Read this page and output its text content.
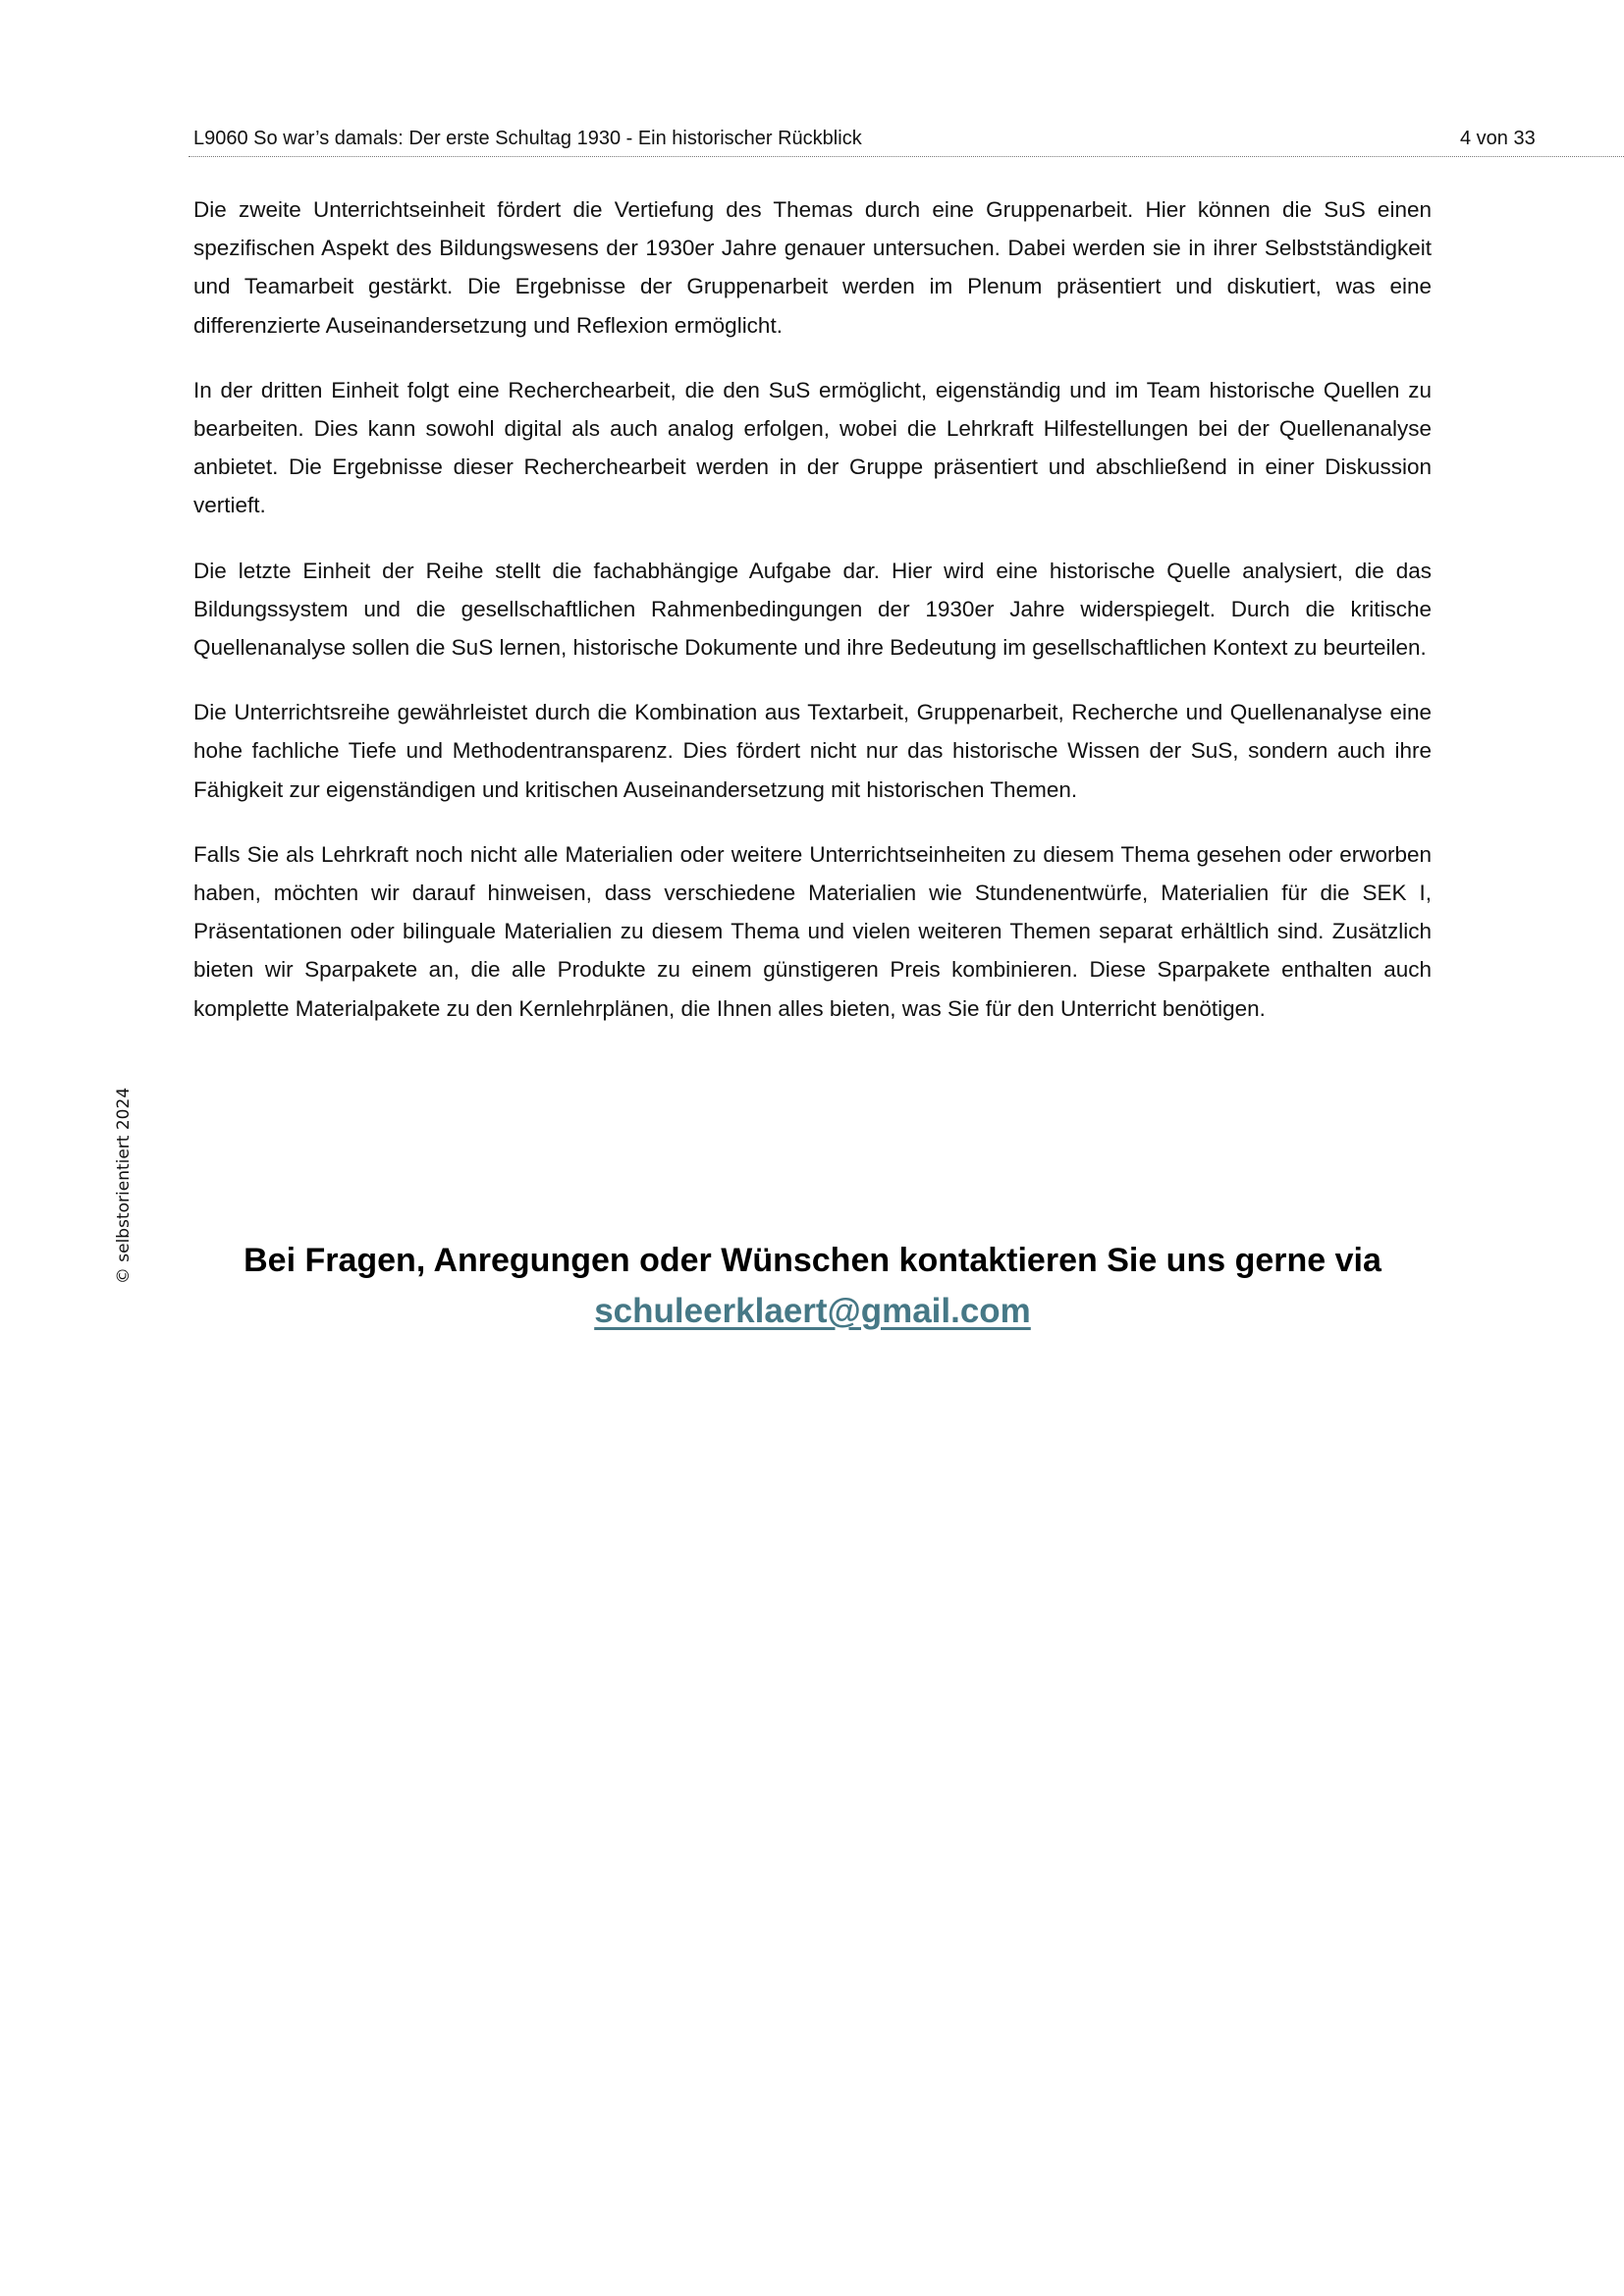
L9060 So war’s damals: Der erste Schultag 1930 - Ein historischer Rückblick	4 von 33

Die zweite Unterrichtseinheit fördert die Vertiefung des Themas durch eine Gruppenarbeit. Hier können die SuS einen spezifischen Aspekt des Bildungswesens der 1930er Jahre genauer untersuchen. Dabei werden sie in ihrer Selbstständigkeit und Teamarbeit gestärkt. Die Ergebnisse der Gruppenarbeit werden im Plenum präsentiert und diskutiert, was eine differenzierte Auseinandersetzung und Reflexion ermöglicht.

In der dritten Einheit folgt eine Recherchearbeit, die den SuS ermöglicht, eigenständig und im Team historische Quellen zu bearbeiten. Dies kann sowohl digital als auch analog erfolgen, wobei die Lehrkraft Hilfestellungen bei der Quellenanalyse anbietet. Die Ergebnisse dieser Recherchearbeit werden in der Gruppe präsentiert und abschließend in einer Diskussion vertieft.

Die letzte Einheit der Reihe stellt die fachabhängige Aufgabe dar. Hier wird eine historische Quelle analysiert, die das Bildungssystem und die gesellschaftlichen Rahmenbedingungen der 1930er Jahre widerspiegelt. Durch die kritische Quellenanalyse sollen die SuS lernen, historische Dokumente und ihre Bedeutung im gesellschaftlichen Kontext zu beurteilen.

Die Unterrichtsreihe gewährleistet durch die Kombination aus Textarbeit, Gruppenarbeit, Recherche und Quellenanalyse eine hohe fachliche Tiefe und Methodentransparenz. Dies fördert nicht nur das historische Wissen der SuS, sondern auch ihre Fähigkeit zur eigenständigen und kritischen Auseinandersetzung mit historischen Themen.

Falls Sie als Lehrkraft noch nicht alle Materialien oder weitere Unterrichtseinheiten zu diesem Thema gesehen oder erworben haben, möchten wir darauf hinweisen, dass verschiedene Materialien wie Stundenentwürfe, Materialien für die SEK I, Präsentationen oder bilinguale Materialien zu diesem Thema und vielen weiteren Themen separat erhältlich sind. Zusätzlich bieten wir Sparpakete an, die alle Produkte zu einem günstigeren Preis kombinieren. Diese Sparpakete enthalten auch komplette Materialpakete zu den Kernlehrplänen, die Ihnen alles bieten, was Sie für den Unterricht benötigen.

© selbstorientiert 2024	Bei Fragen, Anregungen oder Wünschen kontaktieren Sie uns gerne via
schuleerklaert@gmail.com
